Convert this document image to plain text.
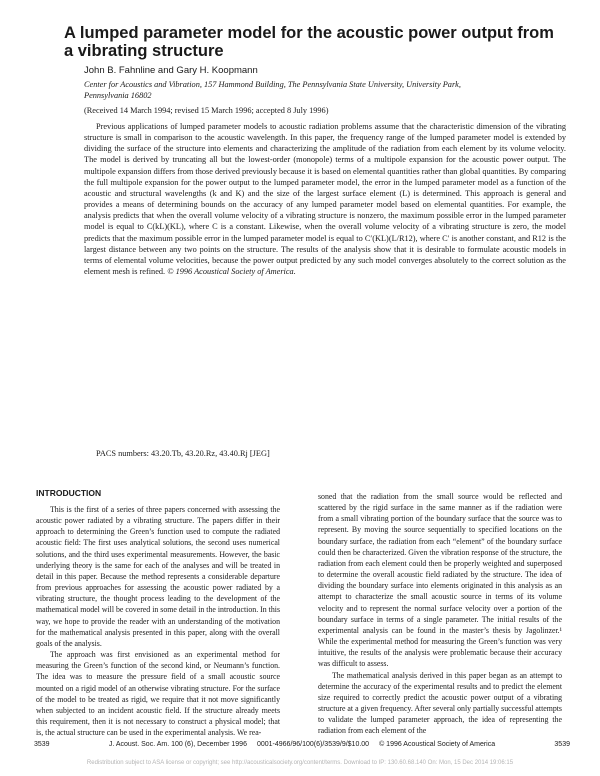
A lumped parameter model for the acoustic power output from a vibrating structure
John B. Fahnline and Gary H. Koopmann
Center for Acoustics and Vibration, 157 Hammond Building, The Pennsylvania State University, University Park, Pennsylvania 16802
(Received 14 March 1994; revised 15 March 1996; accepted 8 July 1996)

Previous applications of lumped parameter models to acoustic radiation problems assume that the characteristic dimension of the vibrating structure is small in comparison to the acoustic wavelength. In this paper, the frequency range of the lumped parameter model is extended by dividing the surface of the structure into elements and characterizing the amplitude of the radiation from each element by its volume velocity. The model is derived by truncating all but the lowest-order (monopole) terms of a multipole expansion for the acoustic power output. The multipole expansion differs from those derived previously because it is based on elemental quantities rather than global quantities. By comparing the full multipole expansion for the power output to the lumped parameter model, the error in the lumped parameter model as a function of the acoustic and structural wavelengths (k and K) and the size of the largest surface element (L) is determined. This approach is general and provides a means of determining bounds on the accuracy of any lumped parameter model based on elemental quantities. For example, the analysis predicts that when the overall volume velocity of a vibrating structure is nonzero, the maximum possible error in the lumped parameter model is equal to C(kL)(KL), where C is a constant. Likewise, when the overall volume velocity of a vibrating structure is zero, the model predicts that the maximum possible error in the lumped parameter model is equal to C′(KL)(L/R12), where C′ is another constant, and R12 is the largest distance between any two points on the structure. The results of the analysis show that it is desirable to formulate acoustic models in terms of elemental volume velocities, because the power output predicted by any such model converges absolutely to the correct solution as the element mesh is refined. © 1996 Acoustical Society of America.

PACS numbers: 43.20.Tb, 43.20.Rz, 43.40.Rj [JEG]
INTRODUCTION

This is the first of a series of three papers concerned with assessing the acoustic power radiated by a vibrating structure. The papers differ in their approach to determining the Green’s function used to compute the radiated acoustic field: The first uses analytical solutions, the second uses numerical solutions, and the third uses experimental measurements. However, the basic underlying theory is the same for each of the analyses and will be treated in detail in this paper. Because the method represents a considerable departure from previous approaches for assessing the acoustic power radiated by a vibrating structure, the thought process leading to the development of the mathematical model will be covered in some detail in the introduction. In this way, we hope to provide the reader with an understanding of the motivation for the mathematical analysis presented in this paper, along with the overall goals of the analysis.

The approach was first envisioned as an experimental method for measuring the Green’s function of the second kind, or Neumann’s function. The idea was to measure the pressure field of a small acoustic source mounted on a rigid model of an otherwise vibrating structure. For the surface of the model to be treated as rigid, we require that it not move significantly when subjected to an incident acoustic field. If the structure already meets this requirement, then it is not necessary to construct a physical model; that is, the actual structure can be used in the experimental analysis. We rea-

soned that the radiation from the small source would be reflected and scattered by the rigid surface in the same manner as if the radiation were from a small vibrating portion of the boundary surface that the source was to represent. By moving the source sequentially to specified locations on the boundary surface, the radiation from each “element” of the boundary surface could then be characterized. Given the vibration response of the structure, the radiation from each element could then be properly weighted and superposed to determine the overall acoustic field radiated by the structure. The idea of dividing the boundary surface into elements originated in this analysis as an attempt to characterize the small acoustic source in terms of its volume velocity and to represent the normal surface velocity over a portion of the boundary surface in terms of a single parameter. The initial results of the experimental analysis can be found in the master’s thesis by Jagolinzer.¹ While the experimental method for measuring the Green’s function was very intuitive, the results of the analysis were problematic because their accuracy was difficult to assess.

The mathematical analysis derived in this paper began as an attempt to determine the accuracy of the experimental results and to predict the element size required to correctly predict the acoustic power output of a vibrating structure at a given frequency. After several only partially successful attempts to validate the lumped parameter approach, the idea of representing the radiation from each element of the

3539	J. Acoust. Soc. Am. 100 (6), December 1996 0001-4966/96/100(6)/3539/9/$10.00 © 1996 Acoustical Society of America	3539
Redistribution subject to ASA license or copyright; see http://acousticalsociety.org/content/terms. Download to IP: 130.60.68.140 On: Mon, 15 Dec 2014 19:06:15
